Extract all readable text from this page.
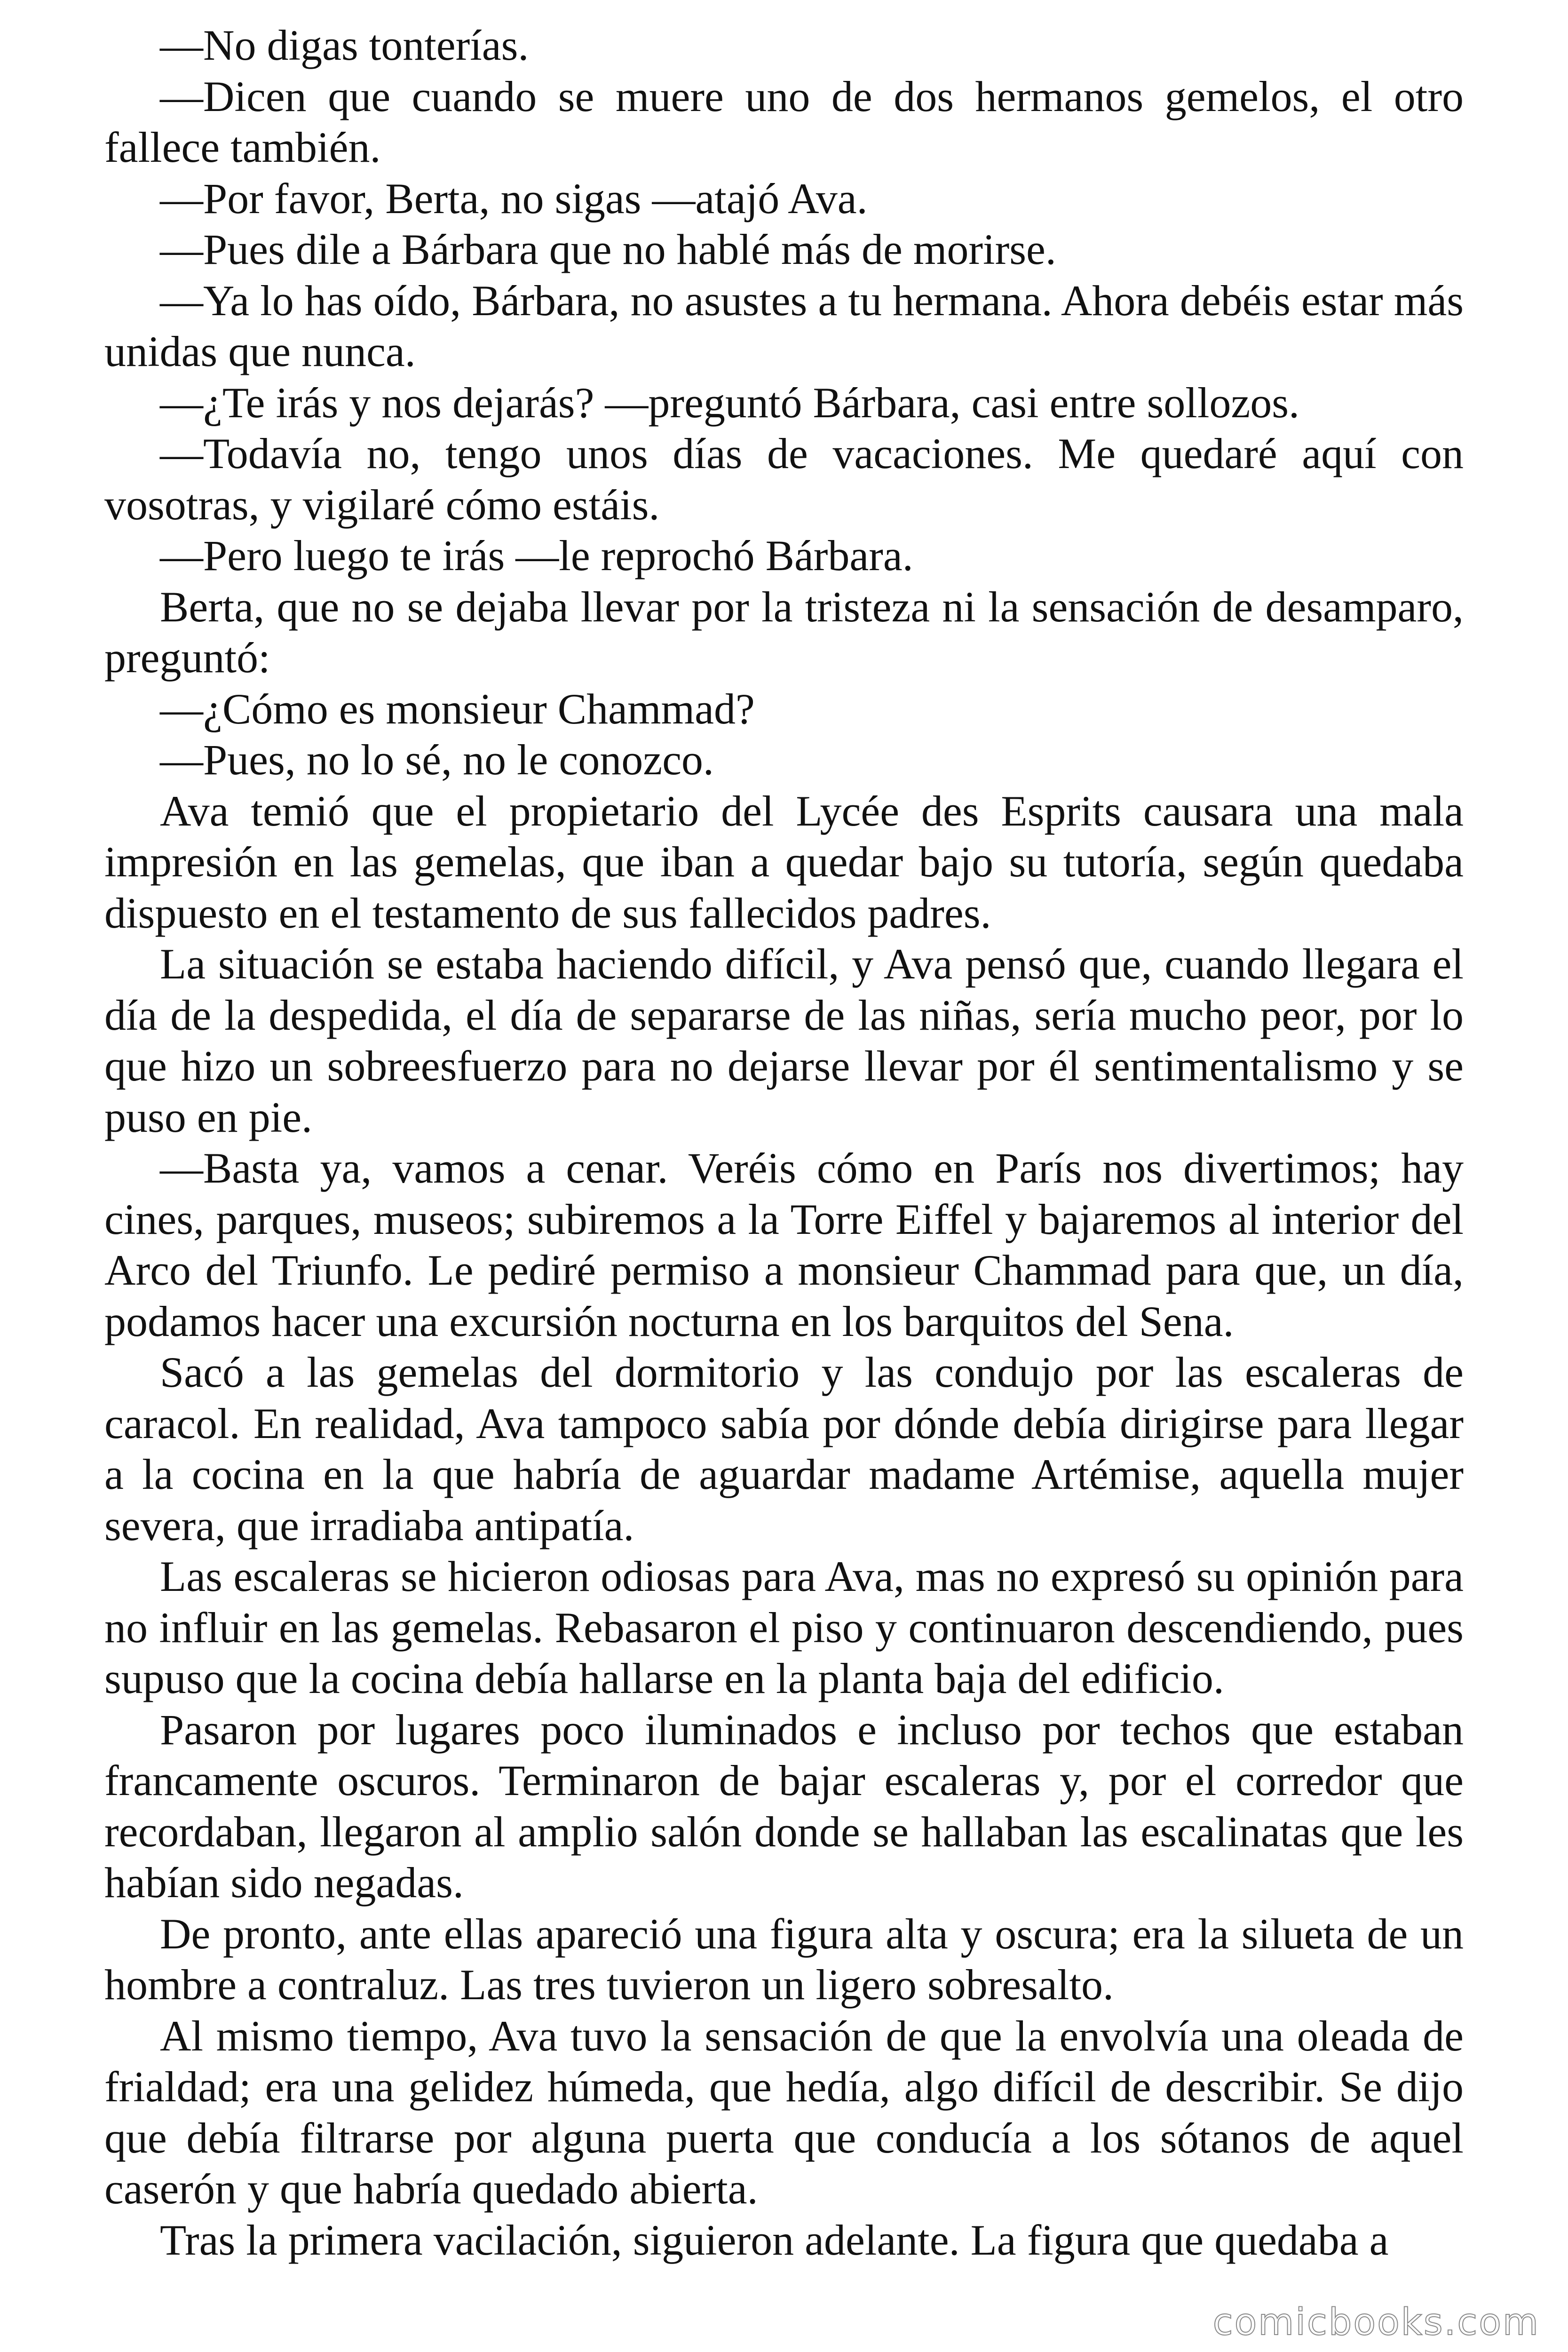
—No digas tonterías.

—Dicen que cuando se muere uno de dos hermanos gemelos, el otro fallece también.

—Por favor, Berta, no sigas —atajó Ava.

—Pues dile a Bárbara que no hablé más de morirse.

—Ya lo has oído, Bárbara, no asustes a tu hermana. Ahora debéis estar más unidas que nunca.

—¿Te irás y nos dejarás? —preguntó Bárbara, casi entre sollozos.

—Todavía no, tengo unos días de vacaciones. Me quedaré aquí con vosotras, y vigilaré cómo estáis.

—Pero luego te irás —le reprochó Bárbara.

Berta, que no se dejaba llevar por la tristeza ni la sensación de desamparo, preguntó:

—¿Cómo es monsieur Chammad?

—Pues, no lo sé, no le conozco.

Ava temió que el propietario del Lycée des Esprits causara una mala impresión en las gemelas, que iban a quedar bajo su tutoría, según quedaba dispuesto en el testamento de sus fallecidos padres.

La situación se estaba haciendo difícil, y Ava pensó que, cuando llegara el día de la despedida, el día de separarse de las niñas, sería mucho peor, por lo que hizo un sobreesfuerzo para no dejarse llevar por él sentimentalismo y se puso en pie.

—Basta ya, vamos a cenar. Veréis cómo en París nos divertimos; hay cines, parques, museos; subiremos a la Torre Eiffel y bajaremos al interior del Arco del Triunfo. Le pediré permiso a monsieur Chammad para que, un día, podamos hacer una excursión nocturna en los barquitos del Sena.

Sacó a las gemelas del dormitorio y las condujo por las escaleras de caracol. En realidad, Ava tampoco sabía por dónde debía dirigirse para llegar a la cocina en la que habría de aguardar madame Artémise, aquella mujer severa, que irradiaba antipatía.

Las escaleras se hicieron odiosas para Ava, mas no expresó su opinión para no influir en las gemelas. Rebasaron el piso y continuaron descendiendo, pues supuso que la cocina debía hallarse en la planta baja del edificio.

Pasaron por lugares poco iluminados e incluso por techos que estaban francamente oscuros. Terminaron de bajar escaleras y, por el corredor que recordaban, llegaron al amplio salón donde se hallaban las escalinatas que les habían sido negadas.

De pronto, ante ellas apareció una figura alta y oscura; era la silueta de un hombre a contraluz. Las tres tuvieron un ligero sobresalto.

Al mismo tiempo, Ava tuvo la sensación de que la envolvía una oleada de frialdad; era una gelidez húmeda, que hedía, algo difícil de describir. Se dijo que debía filtrarse por alguna puerta que conducía a los sótanos de aquel caserón y que habría quedado abierta.

Tras la primera vacilación, siguieron adelante. La figura que quedaba a

comicbooks.com
